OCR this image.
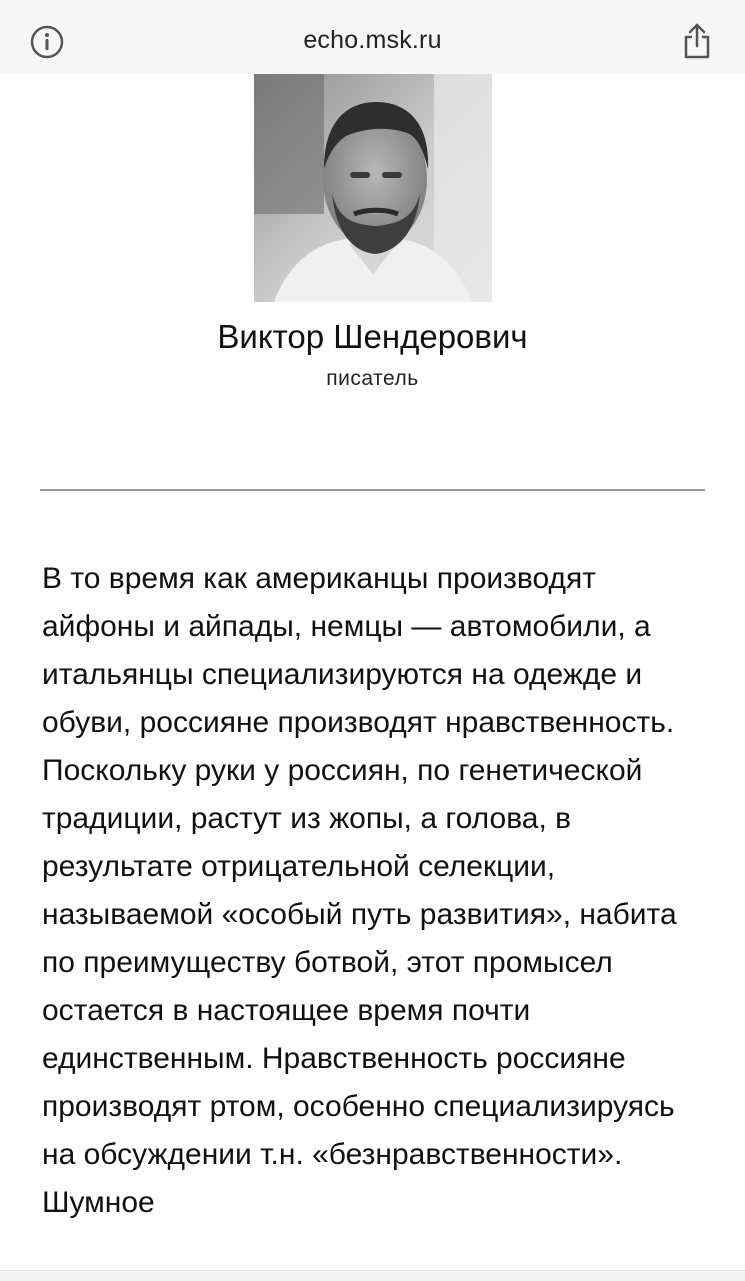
echo.msk.ru
Виктор Шендерович
писатель

В то время как американцы производят айфоны и айпады, немцы — автомобили, а итальянцы специализируются на одежде и обуви, россияне производят нравственность. Поскольку руки у россиян, по генетической традиции, растут из жопы, а голова, в результате отрицательной селекции, называемой «особый путь развития», набита по преимуществу ботвой, этот промысел остается в настоящее время почти единственным. Нравственность россияне производят ртом, особенно специализируясь на обсуждении т.н. «безнравственности». Шумное
